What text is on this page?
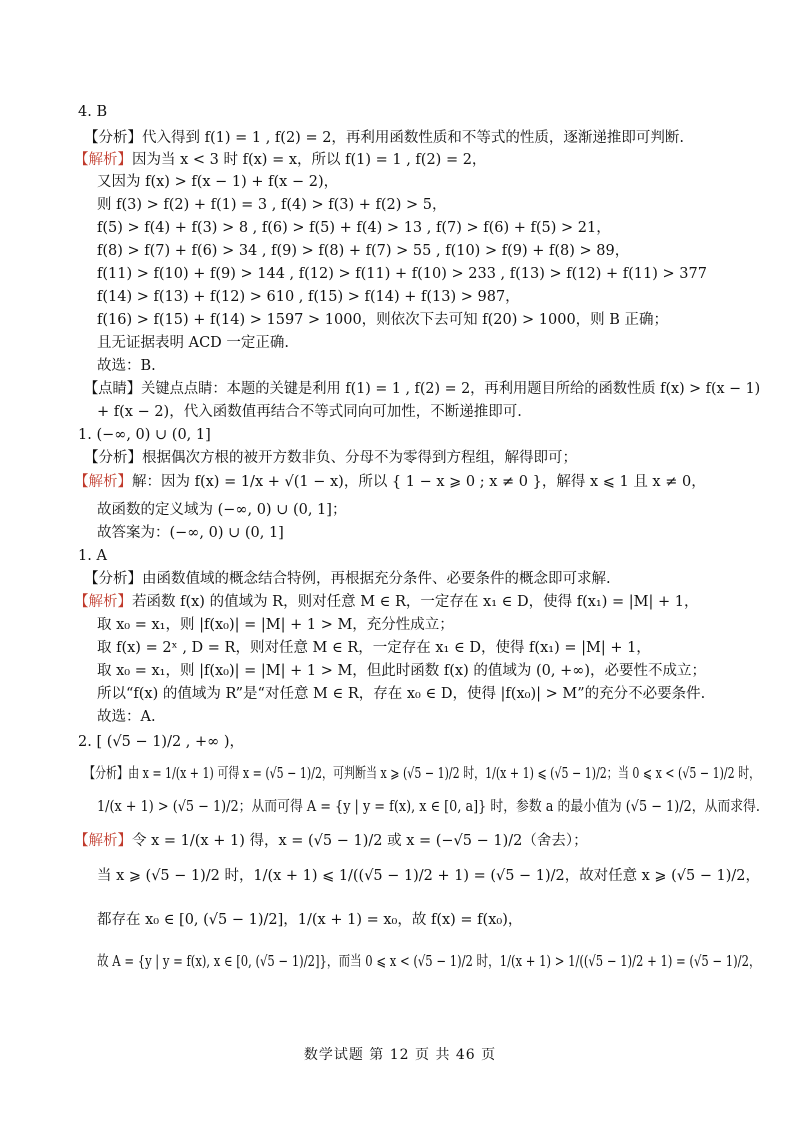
4. B
【分析】代入得到 f(1) = 1 , f(2) = 2，再利用函数性质和不等式的性质，逐渐递推即可判断.
【解析】因为当 x < 3 时 f(x) = x，所以 f(1) = 1 , f(2) = 2，
又因为 f(x) > f(x − 1) + f(x − 2)，
则 f(3) > f(2) + f(1) = 3 , f(4) > f(3) + f(2) > 5，
f(5) > f(4) + f(3) > 8 , f(6) > f(5) + f(4) > 13 , f(7) > f(6) + f(5) > 21，
f(8) > f(7) + f(6) > 34 , f(9) > f(8) + f(7) > 55 , f(10) > f(9) + f(8) > 89，
f(11) > f(10) + f(9) > 144 , f(12) > f(11) + f(10) > 233 , f(13) > f(12) + f(11) > 377
f(14) > f(13) + f(12) > 610 , f(15) > f(14) + f(13) > 987，
f(16) > f(15) + f(14) > 1597 > 1000，则依次下去可知 f(20) > 1000，则 B 正确；
且无证据表明 ACD 一定正确.
故选：B.
【点睛】关键点点睛：本题的关键是利用 f(1) = 1 , f(2) = 2，再利用题目所给的函数性质 f(x) > f(x − 1)
+ f(x − 2)，代入函数值再结合不等式同向可加性，不断递推即可.
1. (−∞, 0) ∪ (0, 1]
【分析】根据偶次方根的被开方数非负、分母不为零得到方程组，解得即可；
【解析】解：因为 f(x) = 1/x + √(1 − x)，所以 { 1 − x ⩾ 0 ; x ≠ 0 }，解得 x ⩽ 1 且 x ≠ 0，
故函数的定义域为 (−∞, 0) ∪ (0, 1]；
故答案为：(−∞, 0) ∪ (0, 1]
1. A
【分析】由函数值域的概念结合特例，再根据充分条件、必要条件的概念即可求解.
【解析】若函数 f(x) 的值域为 R，则对任意 M ∈ R，一定存在 x₁ ∈ D，使得 f(x₁) = |M| + 1，
取 x₀ = x₁，则 |f(x₀)| = |M| + 1 > M，充分性成立；
取 f(x) = 2ˣ , D = R，则对任意 M ∈ R，一定存在 x₁ ∈ D，使得 f(x₁) = |M| + 1，
取 x₀ = x₁，则 |f(x₀)| = |M| + 1 > M，但此时函数 f(x) 的值域为 (0, +∞)，必要性不成立；
所以“f(x) 的值域为 R”是“对任意 M ∈ R，存在 x₀ ∈ D，使得 |f(x₀)| > M”的充分不必要条件.
故选：A.
2. [ (√5 − 1)/2 , +∞ )，
【分析】由 x = 1/(x + 1) 可得 x = (√5 − 1)/2，可判断当 x ⩾ (√5 − 1)/2 时，1/(x + 1) ⩽ (√5 − 1)/2；当 0 ⩽ x < (√5 − 1)/2 时，
1/(x + 1) > (√5 − 1)/2；从而可得 A = {y | y = f(x), x ∈ [0, a]} 时，参数 a 的最小值为 (√5 − 1)/2，从而求得.
【解析】令 x = 1/(x + 1) 得，x = (√5 − 1)/2 或 x = (−√5 − 1)/2（舍去）；
当 x ⩾ (√5 − 1)/2 时，1/(x + 1) ⩽ 1/((√5 − 1)/2 + 1) = (√5 − 1)/2，故对任意 x ⩾ (√5 − 1)/2，
都存在 x₀ ∈ [0, (√5 − 1)/2]，1/(x + 1) = x₀，故 f(x) = f(x₀)，
故 A = {y | y = f(x), x ∈ [0, (√5 − 1)/2]}，而当 0 ⩽ x < (√5 − 1)/2 时，1/(x + 1) > 1/((√5 − 1)/2 + 1) = (√5 − 1)/2，
数学试题 第 12 页 共 46 页
